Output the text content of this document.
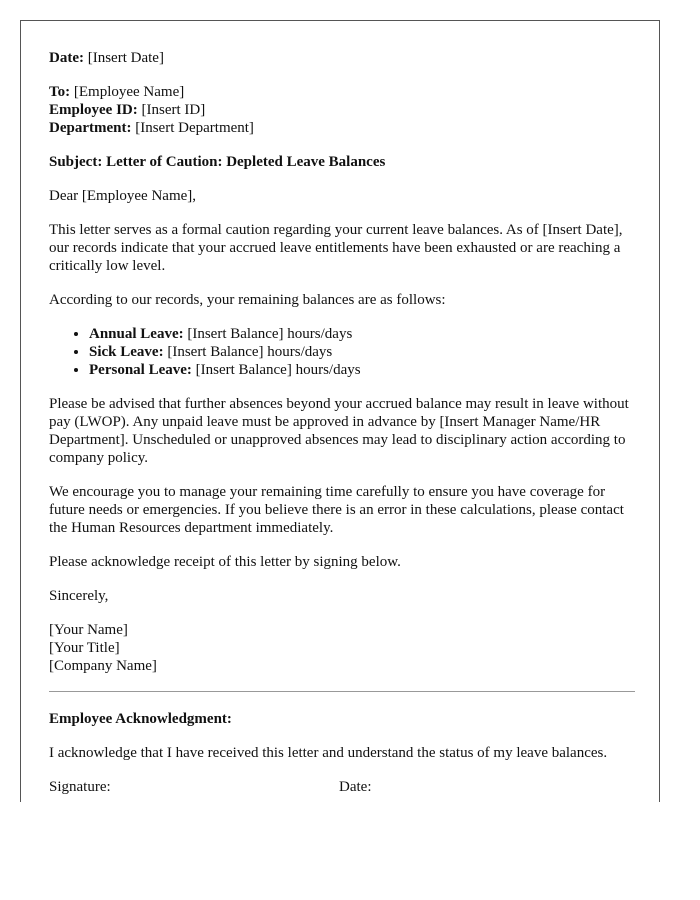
Date: [Insert Date]

To: [Employee Name]
Employee ID: [Insert ID]
Department: [Insert Department]

Subject: Letter of Caution: Depleted Leave Balances

Dear [Employee Name],

This letter serves as a formal caution regarding your current leave balances. As of [Insert Date], our records indicate that your accrued leave entitlements have been exhausted or are reaching a critically low level.

According to our records, your remaining balances are as follows:

• Annual Leave: [Insert Balance] hours/days
• Sick Leave: [Insert Balance] hours/days
• Personal Leave: [Insert Balance] hours/days

Please be advised that further absences beyond your accrued balance may result in leave without pay (LWOP). Any unpaid leave must be approved in advance by [Insert Manager Name/HR Department]. Unscheduled or unapproved absences may lead to disciplinary action according to company policy.

We encourage you to manage your remaining time carefully to ensure you have coverage for future needs or emergencies. If you believe there is an error in these calculations, please contact the Human Resources department immediately.

Please acknowledge receipt of this letter by signing below.

Sincerely,

[Your Name]
[Your Title]
[Company Name]

Employee Acknowledgment:

I acknowledge that I have received this letter and understand the status of my leave balances.

Signature:	Date:
